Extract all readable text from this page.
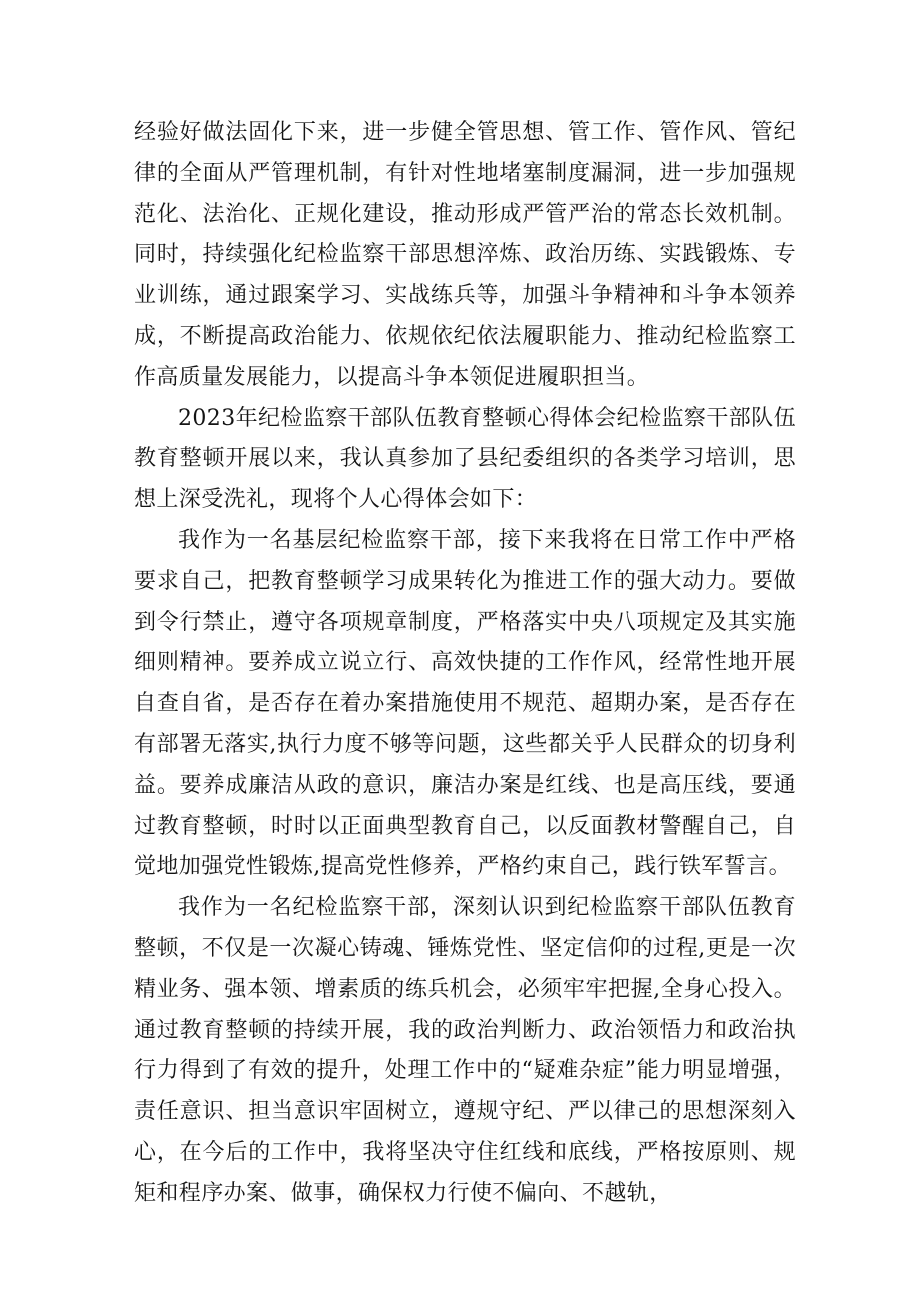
经验好做法固化下来，进一步健全管思想、管工作、管作风、管纪律的全面从严管理机制，有针对性地堵塞制度漏洞，进一步加强规范化、法治化、正规化建设，推动形成严管严治的常态长效机制。同时，持续强化纪检监察干部思想淬炼、政治历练、实践锻炼、专业训练，通过跟案学习、实战练兵等，加强斗争精神和斗争本领养成，不断提高政治能力、依规依纪依法履职能力、推动纪检监察工作高质量发展能力，以提高斗争本领促进履职担当。

2023年纪检监察干部队伍教育整顿心得体会纪检监察干部队伍教育整顿开展以来，我认真参加了县纪委组织的各类学习培训，思想上深受洗礼，现将个人心得体会如下：

我作为一名基层纪检监察干部，接下来我将在日常工作中严格要求自己，把教育整顿学习成果转化为推进工作的强大动力。要做到令行禁止，遵守各项规章制度，严格落实中央八项规定及其实施细则精神。要养成立说立行、高效快捷的工作作风，经常性地开展自查自省，是否存在着办案措施使用不规范、超期办案，是否存在有部署无落实,执行力度不够等问题，这些都关乎人民群众的切身利益。要养成廉洁从政的意识，廉洁办案是红线、也是高压线，要通过教育整顿，时时以正面典型教育自己，以反面教材警醒自己，自觉地加强党性锻炼,提高党性修养，严格约束自己，践行铁军誓言。

我作为一名纪检监察干部，深刻认识到纪检监察干部队伍教育整顿，不仅是一次凝心铸魂、锤炼党性、坚定信仰的过程,更是一次精业务、强本领、增素质的练兵机会，必须牢牢把握,全身心投入。通过教育整顿的持续开展，我的政治判断力、政治领悟力和政治执行力得到了有效的提升，处理工作中的“疑难杂症”能力明显增强，责任意识、担当意识牢固树立，遵规守纪、严以律己的思想深刻入心，在今后的工作中，我将坚决守住红线和底线，严格按原则、规矩和程序办案、做事，确保权力行使不偏向、不越轨，
